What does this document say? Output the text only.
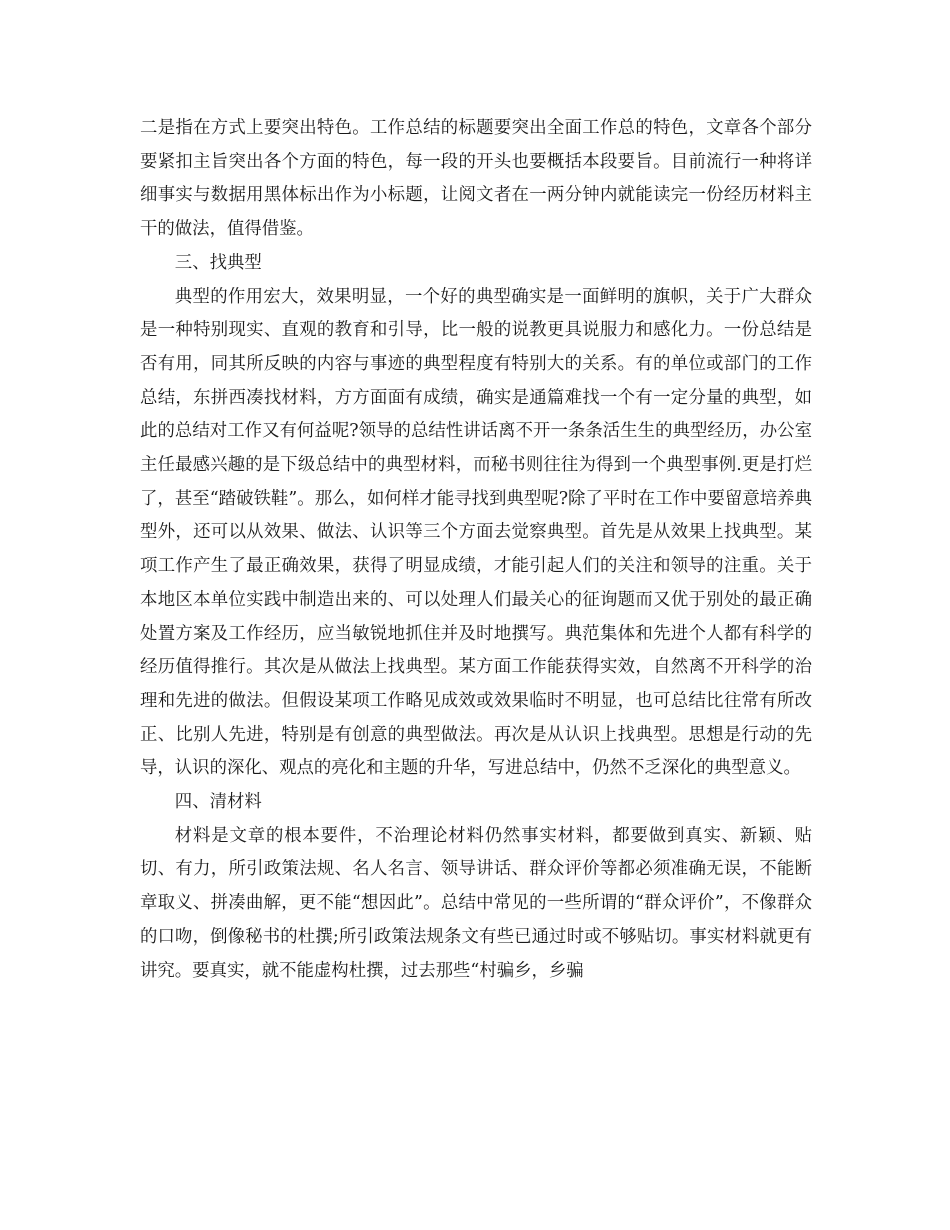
二是指在方式上要突出特色。工作总结的标题要突出全面工作总的特色，文章各个部分要紧扣主旨突出各个方面的特色，每一段的开头也要概括本段要旨。目前流行一种将详细事实与数据用黑体标出作为小标题，让阅文者在一两分钟内就能读完一份经历材料主干的做法，值得借鉴。

三、找典型

典型的作用宏大，效果明显，一个好的典型确实是一面鲜明的旗帜，关于广大群众是一种特别现实、直观的教育和引导，比一般的说教更具说服力和感化力。一份总结是否有用，同其所反映的内容与事迹的典型程度有特别大的关系。有的单位或部门的工作总结，东拼西凑找材料，方方面面有成绩，确实是通篇难找一个有一定分量的典型，如此的总结对工作又有何益呢?领导的总结性讲话离不开一条条活生生的典型经历，办公室主任最感兴趣的是下级总结中的典型材料，而秘书则往往为得到一个典型事例.更是打烂了，甚至“踏破铁鞋”。那么，如何样才能寻找到典型呢?除了平时在工作中要留意培养典型外，还可以从效果、做法、认识等三个方面去觉察典型。首先是从效果上找典型。某项工作产生了最正确效果，获得了明显成绩，才能引起人们的关注和领导的注重。关于本地区本单位实践中制造出来的、可以处理人们最关心的征询题而又优于别处的最正确处置方案及工作经历，应当敏锐地抓住并及时地撰写。典范集体和先进个人都有科学的经历值得推行。其次是从做法上找典型。某方面工作能获得实效，自然离不开科学的治理和先进的做法。但假设某项工作略见成效或效果临时不明显，也可总结比往常有所改正、比别人先进，特别是有创意的典型做法。再次是从认识上找典型。思想是行动的先导，认识的深化、观点的亮化和主题的升华，写进总结中，仍然不乏深化的典型意义。

四、清材料

材料是文章的根本要件，不治理论材料仍然事实材料，都要做到真实、新颖、贴切、有力，所引政策法规、名人名言、领导讲话、群众评价等都必须准确无误，不能断章取义、拼凑曲解，更不能“想因此”。总结中常见的一些所谓的“群众评价”，不像群众的口吻，倒像秘书的杜撰;所引政策法规条文有些已通过时或不够贴切。事实材料就更有讲究。要真实，就不能虚构杜撰，过去那些“村骗乡，乡骗
